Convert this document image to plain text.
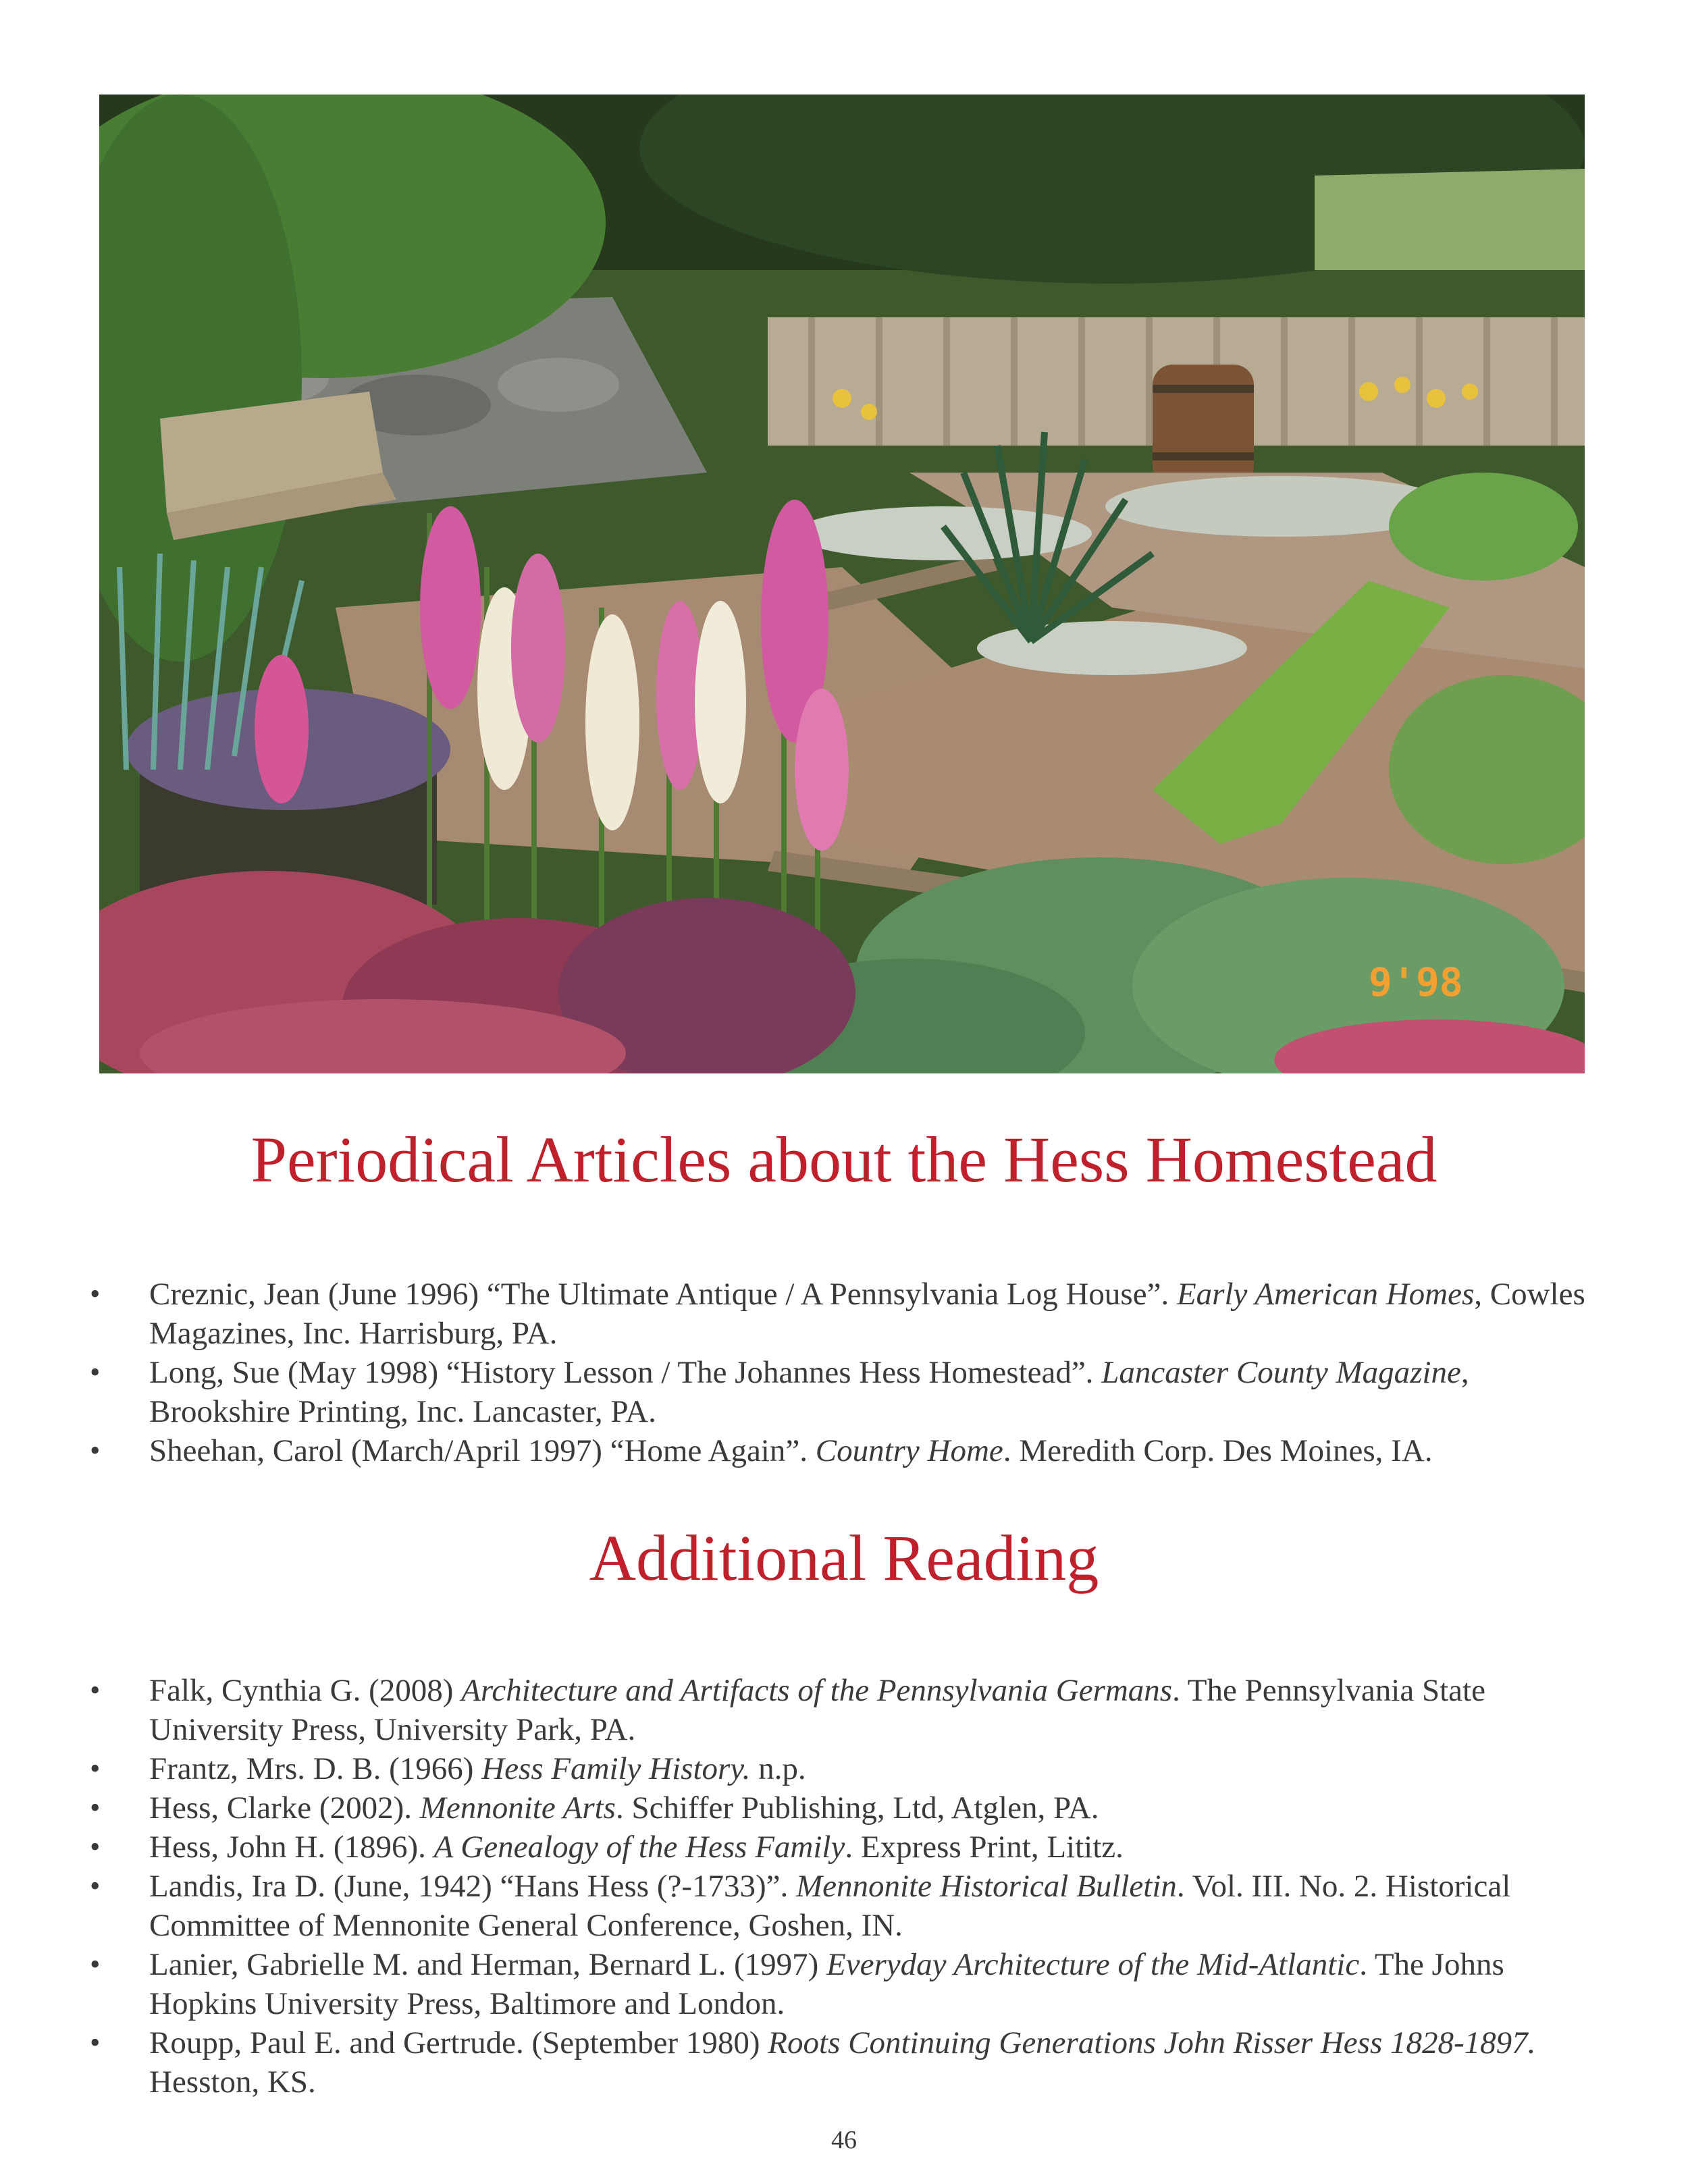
9'98
Periodical Articles about the Hess Homestead
• Creznic, Jean (June 1996) “The Ultimate Antique / A Pennsylvania Log House”. Early American Homes, Cowles Magazines, Inc. Harrisburg, PA.
• Long, Sue (May 1998) “History Lesson / The Johannes Hess Homestead”. Lancaster County Magazine, Brookshire Printing, Inc. Lancaster, PA.
• Sheehan, Carol (March/April 1997) “Home Again”. Country Home. Meredith Corp. Des Moines, IA.
Additional Reading
• Falk, Cynthia G. (2008) Architecture and Artifacts of the Pennsylvania Germans. The Pennsylvania State University Press, University Park, PA.
• Frantz, Mrs. D. B. (1966) Hess Family History. n.p.
• Hess, Clarke (2002). Mennonite Arts. Schiffer Publishing, Ltd, Atglen, PA.
• Hess, John H. (1896). A Genealogy of the Hess Family. Express Print, Lititz.
• Landis, Ira D. (June, 1942) “Hans Hess (?-1733)”. Mennonite Historical Bulletin. Vol. III. No. 2. Historical Committee of Mennonite General Conference, Goshen, IN.
• Lanier, Gabrielle M. and Herman, Bernard L. (1997) Everyday Architecture of the Mid-Atlantic. The Johns Hopkins University Press, Baltimore and London.
• Roupp, Paul E. and Gertrude. (September 1980) Roots Continuing Generations John Risser Hess 1828-1897. Hesston, KS.
46
